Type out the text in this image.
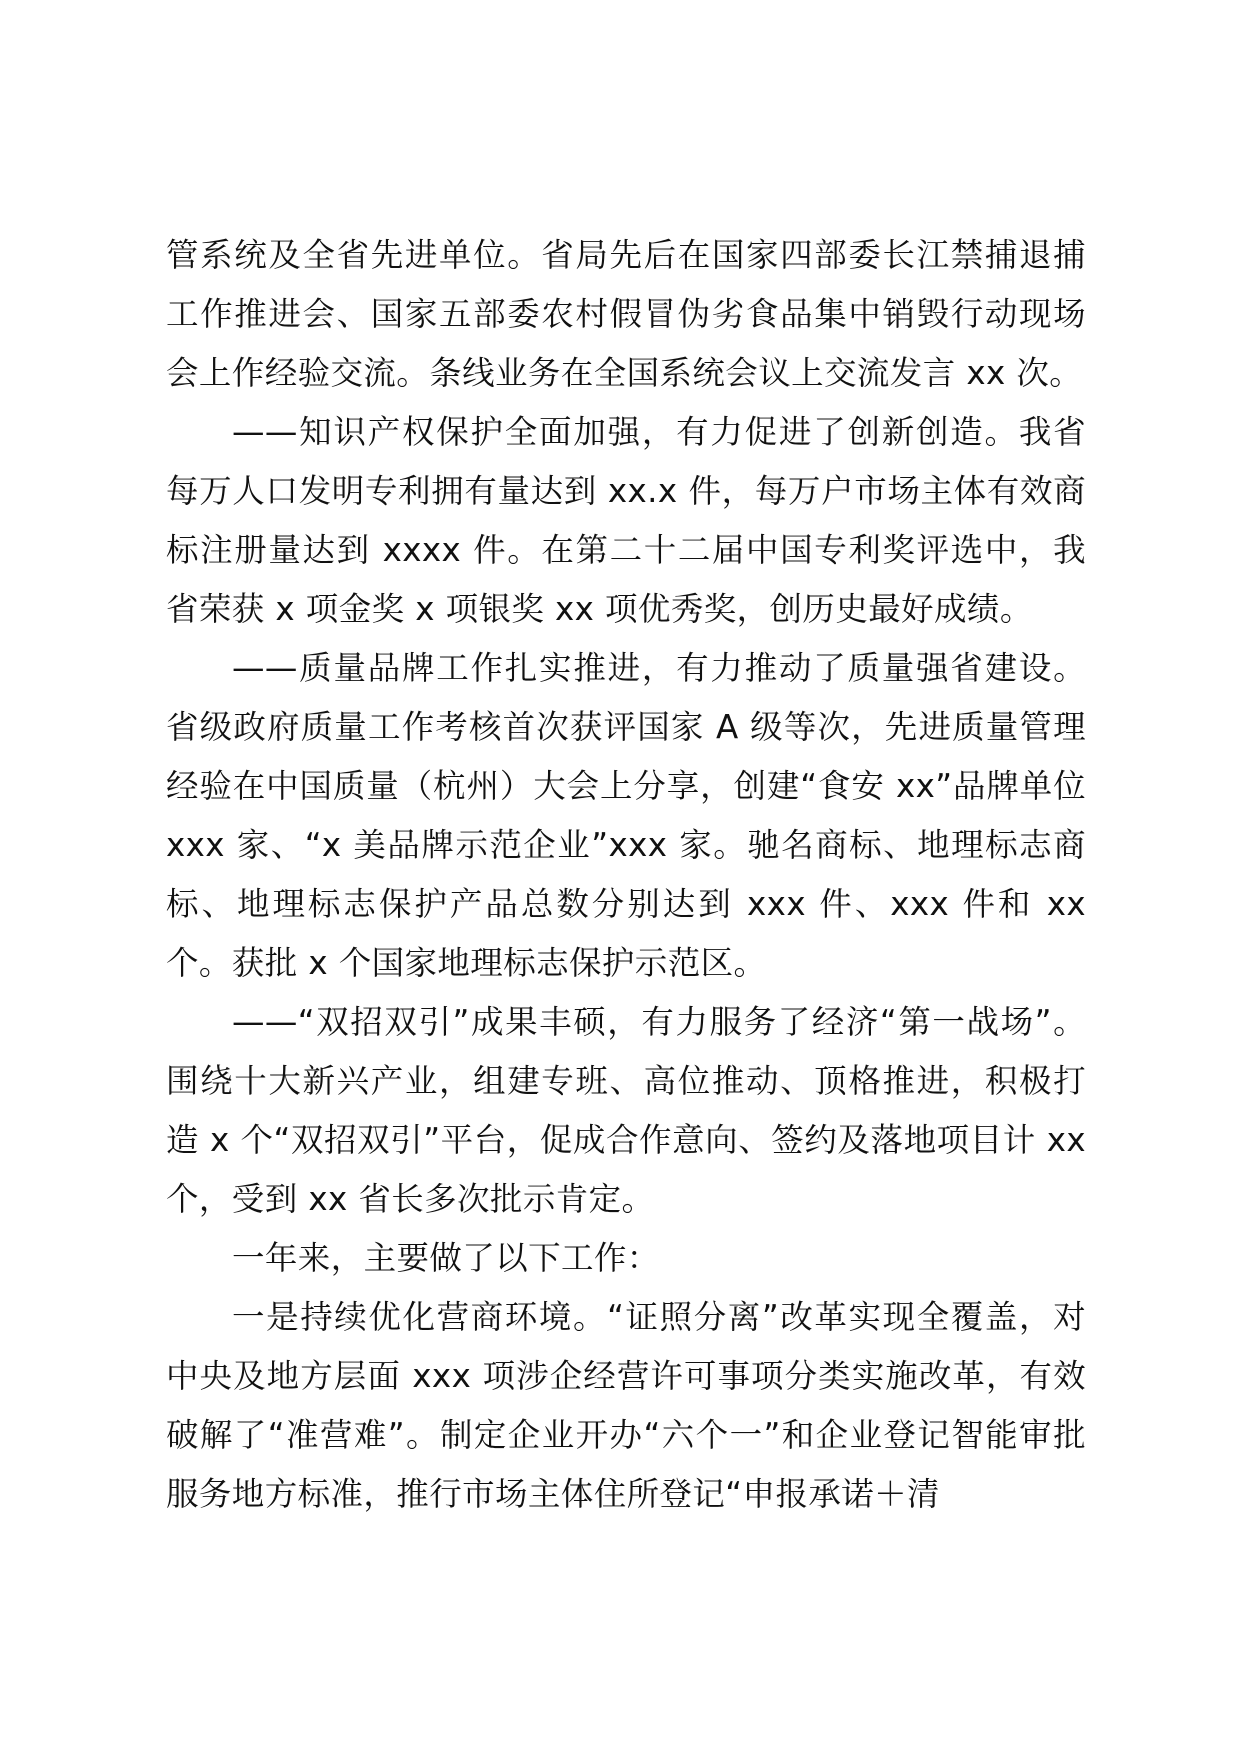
管系统及全省先进单位。省局先后在国家四部委长江禁捕退捕工作推进会、国家五部委农村假冒伪劣食品集中销毁行动现场会上作经验交流。条线业务在全国系统会议上交流发言 xx 次。

——知识产权保护全面加强，有力促进了创新创造。我省每万人口发明专利拥有量达到 xx.x 件，每万户市场主体有效商标注册量达到 xxxx 件。在第二十二届中国专利奖评选中，我省荣获 x 项金奖 x 项银奖 xx 项优秀奖，创历史最好成绩。

——质量品牌工作扎实推进，有力推动了质量强省建设。省级政府质量工作考核首次获评国家 A 级等次，先进质量管理经验在中国质量（杭州）大会上分享，创建“食安 xx”品牌单位 xxx 家、“x 美品牌示范企业”xxx 家。驰名商标、地理标志商标、地理标志保护产品总数分别达到 xxx 件、xxx 件和 xx 个。获批 x 个国家地理标志保护示范区。

——“双招双引”成果丰硕，有力服务了经济“第一战场”。围绕十大新兴产业，组建专班、高位推动、顶格推进，积极打造 x 个“双招双引”平台，促成合作意向、签约及落地项目计 xx 个，受到 xx 省长多次批示肯定。

一年来，主要做了以下工作：

一是持续优化营商环境。“证照分离”改革实现全覆盖，对中央及地方层面 xxx 项涉企经营许可事项分类实施改革，有效破解了“准营难”。制定企业开办“六个一”和企业登记智能审批服务地方标准，推行市场主体住所登记“申报承诺＋清
